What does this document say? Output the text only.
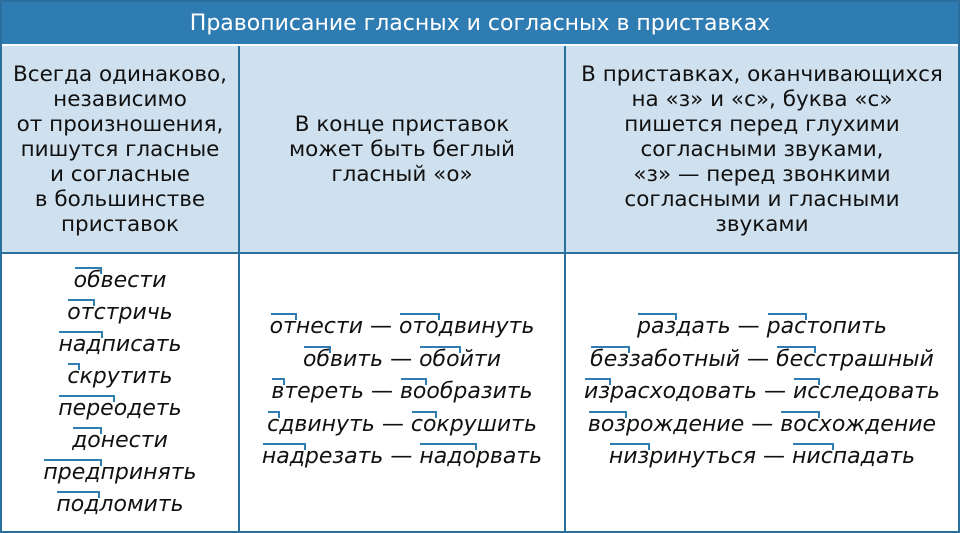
Правописание гласных и согласных в приставках
Всегда одинаково,
независимо
от произношения,
пишутся гласные
и согласные
в большинстве
приставок
В конце приставок
может быть беглый
гласный «о»
В приставках, оканчивающихся
на «з» и «с», буква «с»
пишется перед глухими
согласными звуками,
«з» — перед звонкими
согласными и гласными
звуками
обвести
отстричь
надписать
скрутить
переодеть
донести
предпринять
подломить
отнести — отодвинуть
обвить — обойти
втереть — вообразить
сдвинуть — сокрушить
надрезать — надорвать
раздать — растопить
беззаботный — бесстрашный
израсходовать — исследовать
возрождение — восхождение
низринуться — ниспадать
